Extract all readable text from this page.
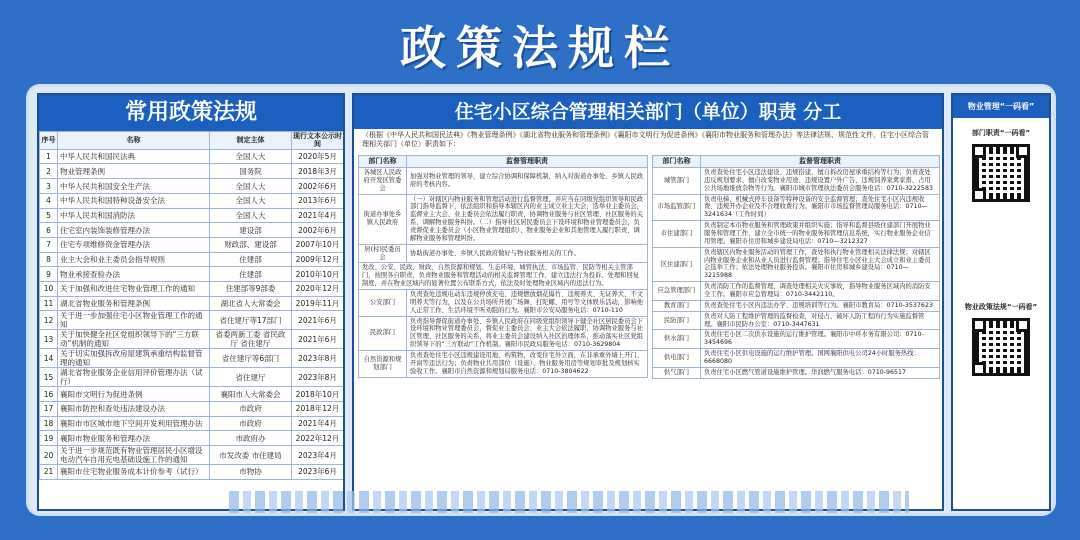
政策法规栏
常用政策法规
序号	名称	制定主体	现行文本公示时间
1	中华人民共和国民法典	全国人大	2020年5月
2	物业管理条例	国务院	2018年3月
3	中华人民共和国安全生产法	全国人大	2002年6月
4	中华人民共和国特种设备安全法	全国人大	2013年6月
5	中华人民共和国消防法	全国人大	2021年4月
6	住宅室内装饰装修管理办法	建设部	2002年6月
7	住宅专项维修资金管理办法	财政部、建设部	2007年10月
8	业主大会和业主委员会指导规则	住建部	2009年12月
9	物业承接查验办法	住建部	2010年10月
10	关于加强和改进住宅物业管理工作的通知	住建部等9部委	2020年12月
11	湖北省物业服务和管理条例	湖北省人大常委会	2019年11月
12	关于进一步加强住宅小区物业管理工作的通知	省住建厅等17部门	2021年6月
13	关于加快健全社区党组织领导下的“三方联动”机制的通知	省委两新工委 省民政厅 省住建厅	2021年6月
14	关于切实加强拆改房屋建筑承重结构监督管理的通知	省住建厅等6部门	2023年8月
15	湖北省物业服务企业信用评价管理办法（试行）	省住建厅	2023年8月
16	襄阳市文明行为促进条例	襄阳市人大常委会	2018年10月
17	襄阳市防控和查处违法建设办法	市政府	2018年12月
18	襄阳市市区城市地下空间开发利用管理办法	市政府	2021年4月
19	襄阳市物业服务和管理办法	市政府办	2022年12月
20	关于进一步规范既有物业管理居民小区增设电动汽车自用充电基础设施工作的通知	市发改委 市住建局	2023年4月
21	襄阳市住宅物业服务成本计价参考（试行）	市物协	2023年6月
住宅小区综合管理相关部门（单位）职责 分工
（根据《中华人民共和国民法典》《物业管理条例》《湖北省物业服务和管理条例》《襄阳市文明行为促进条例》《襄阳市物业服务和管理办法》等法律法规、规范性文件，住宅小区综合管理相关部门（单位）职责如下：
部门名称	监督管理职责
各城区人民政府开发区管委会	加强对物业管理的领导，建立综合协调和保障机制，纳入对街道办事处、乡镇人民政府的考核内容。
街道办事处乡镇人民政府	（一）对辖区内物业服务和管理活动进行监督管理，并应当在同级党组织领导和民政部门指导监督下，依法组织和指导本辖区内的业主成立业主大会，选举业主委员会，监督业主大会、业主委员会依法履行职责，协调物业服务与社区管理、社区服务的关系，调解物业服务纠纷。（二）指导社区居民委员会下设环境和物业管理委员会，负责督促业主委员会（小区物业管理组织）、物业服务企业和其他管理人履行职责，调解物业服务和管理纠纷。
居(村)民委员会	协助街道办事处、乡镇人民政府做好与物业服务相关的工作。
发改、公安、民政、财政、自然资源和规划、生态环境、城管执法、市场监管、民防等相关主管部门，按照各自职责，负责物业服务和管理活动的相关监督管理工作，建立违法行为投诉、处理和回复制度，并在物业区域内的显著位置公布联系方式，依法及时处理物业区域内的违法行为。	
公安部门	负责查处违规电动车违规停放充电、违规燃放烟花爆竹、违规养犬、无证养犬、不文明养犬等行为，以及在公共场所开展广场舞、打陀螺、用号等文体娱乐活动，影响他人正常工作、生活环境不听劝阻的行为。襄阳市公安局服务电话：0710-110
民政部门	负责指导督促街道办事处、乡镇人民政府在同级党组织领导下健全社区居民委员会下设环境和物业管理委员会，督促业主委员会、业主大会依法履职，协调物业服务与社区管理、社区服务的关系，将业主委员会建设纳入社区治理体系，推动落实社区党组织领导下的“三方联动”工作机制。襄阳市民政局服务电话：0710-3629804
自然资源和规划部门	负责查处住宅小区违规建设用地、构筑物，改变住宅外立面，在非承重外墙上开门、开窗等违法行为；负责物业共用部位（设施）、物业服务用房等规划审批及规划核实验收工作。襄阳市自然资源和规划局服务电话：0710-3804622
部门名称	监督管理职责
城管部门	负责查处住宅小区违法建设、违规搭建、擅自拆改房屋承重结构等行为；负责查处违反规划要求、擅自改变物业用途、违规设置户外广告、违规饲养家禽家畜、占用公共场地堆放杂物等行为。襄阳市城市管理执法委员会服务电话：0710-3222583
市场监管部门	负责电梯、机械式停车设备等特种设备的安全监督管理；查处住宅小区内违规收费、违规开办企业及不合理收费行为。襄阳市市场监督管理局服务电话：0710—3241634（工作时间）
市住建部门	负责制定本市物业服务和管理政策并组织实施；指导和监督县级住建部门开展物业服务和管理工作，建立全市统一的物业服务和管理信息系统，实行物业服务企业信用管理。襄阳市住房和城乡建设局电话：0710—3212327
区住建部门	负责辖区内物业服务活动的管理工作，查处和执行物业管理相关法律法规；对辖区内物业服务企业和从业人员进行监督管理；指导住宅小区业主大会成立和业主委员会选举工作；依法处理物业服务投诉。襄阳市住房和城乡建设局：0710—3215988
应急管理部门	负责消防工作的监督管理，调查处理相关火灾事故，指导物业服务区域内的消防安全工作。襄阳市应急管理局：0710-3442110。
教育部门	负责查处住宅小区内违法办学、违规培训等行为。襄阳市教育局：0710-3537623
民防部门	负责对人防工程维护管理的监督检查，对侵占、破坏人防工程的行为实施监督管理。襄阳市民防办公室：0710-3447631
供水部门	负责住宅小区二次供水设施的运行维护管理。襄阳市中环水务有限公司：0710-3454696
供电部门	负责住宅小区供电设施的运行维护管理。国网襄阳供电公司24小时服务热线：6668080
供气部门	负责住宅小区燃气管道设施维护管理。华润燃气服务电话：0710-96517
物业管理“一码看”
部门职责“一码看”
物业政策法规“一码看”
